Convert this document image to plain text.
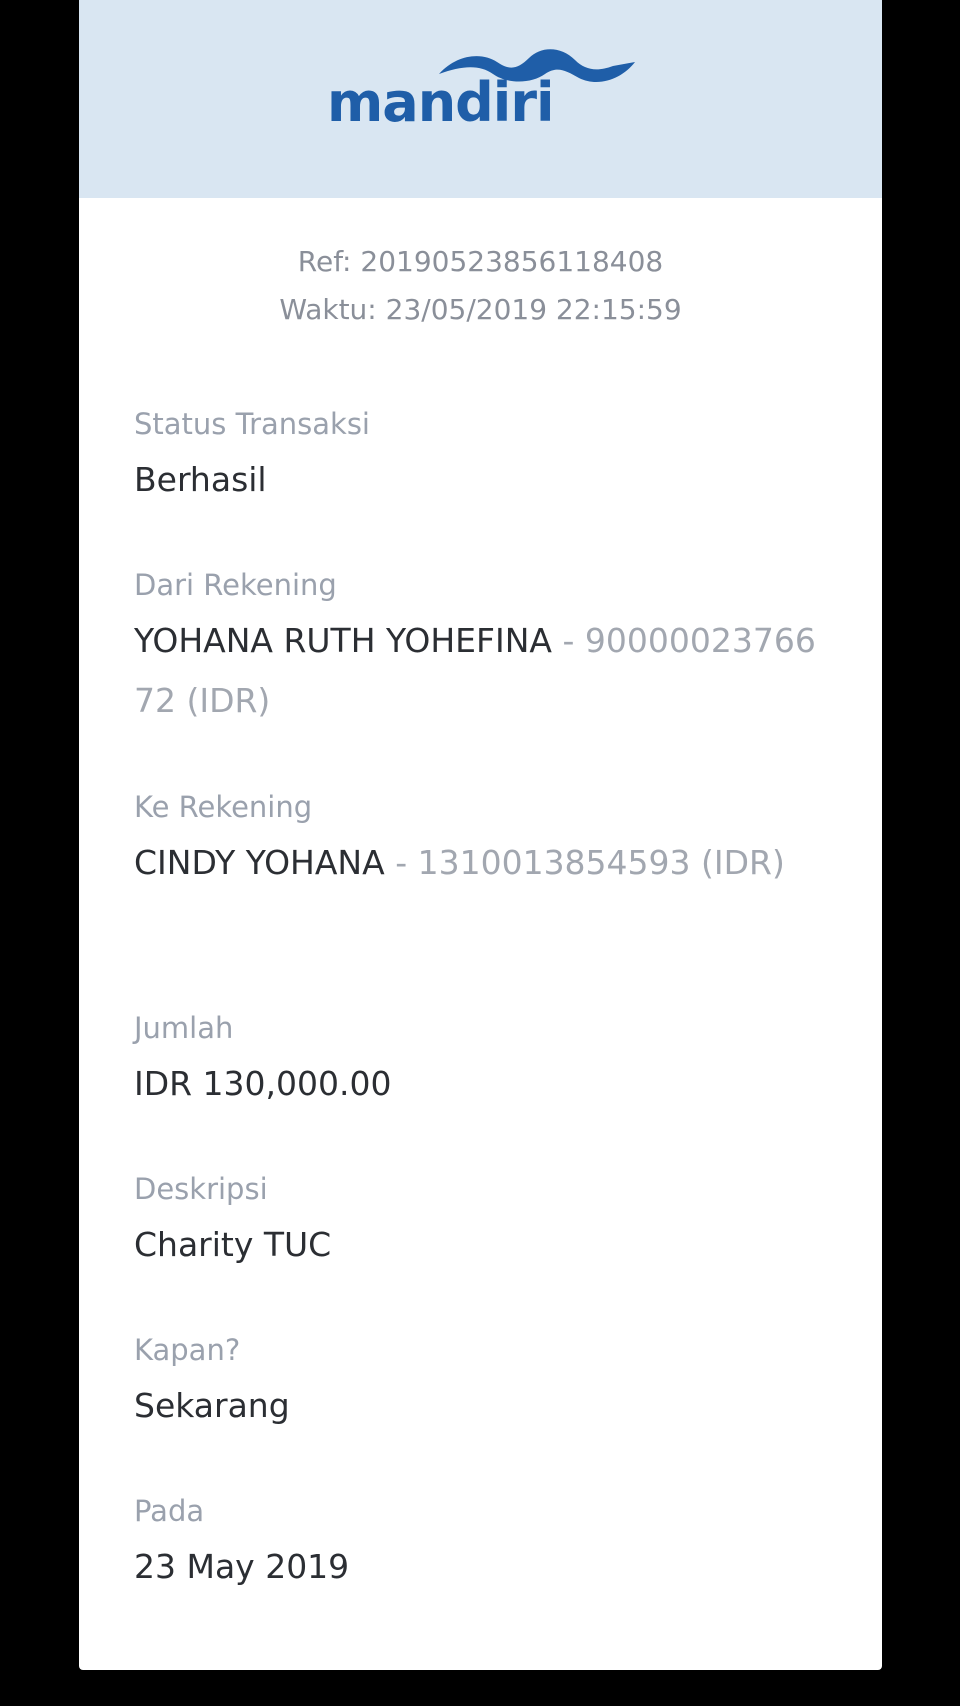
mandiri
Ref: 20190523856118408
Waktu: 23/05/2019 22:15:59
Status Transaksi
Berhasil
Dari Rekening
YOHANA RUTH YOHEFINA - 9000002376672 (IDR)
Ke Rekening
CINDY YOHANA - 1310013854593 (IDR)
Jumlah
IDR 130,000.00
Deskripsi
Charity TUC
Kapan?
Sekarang
Pada
23 May 2019
